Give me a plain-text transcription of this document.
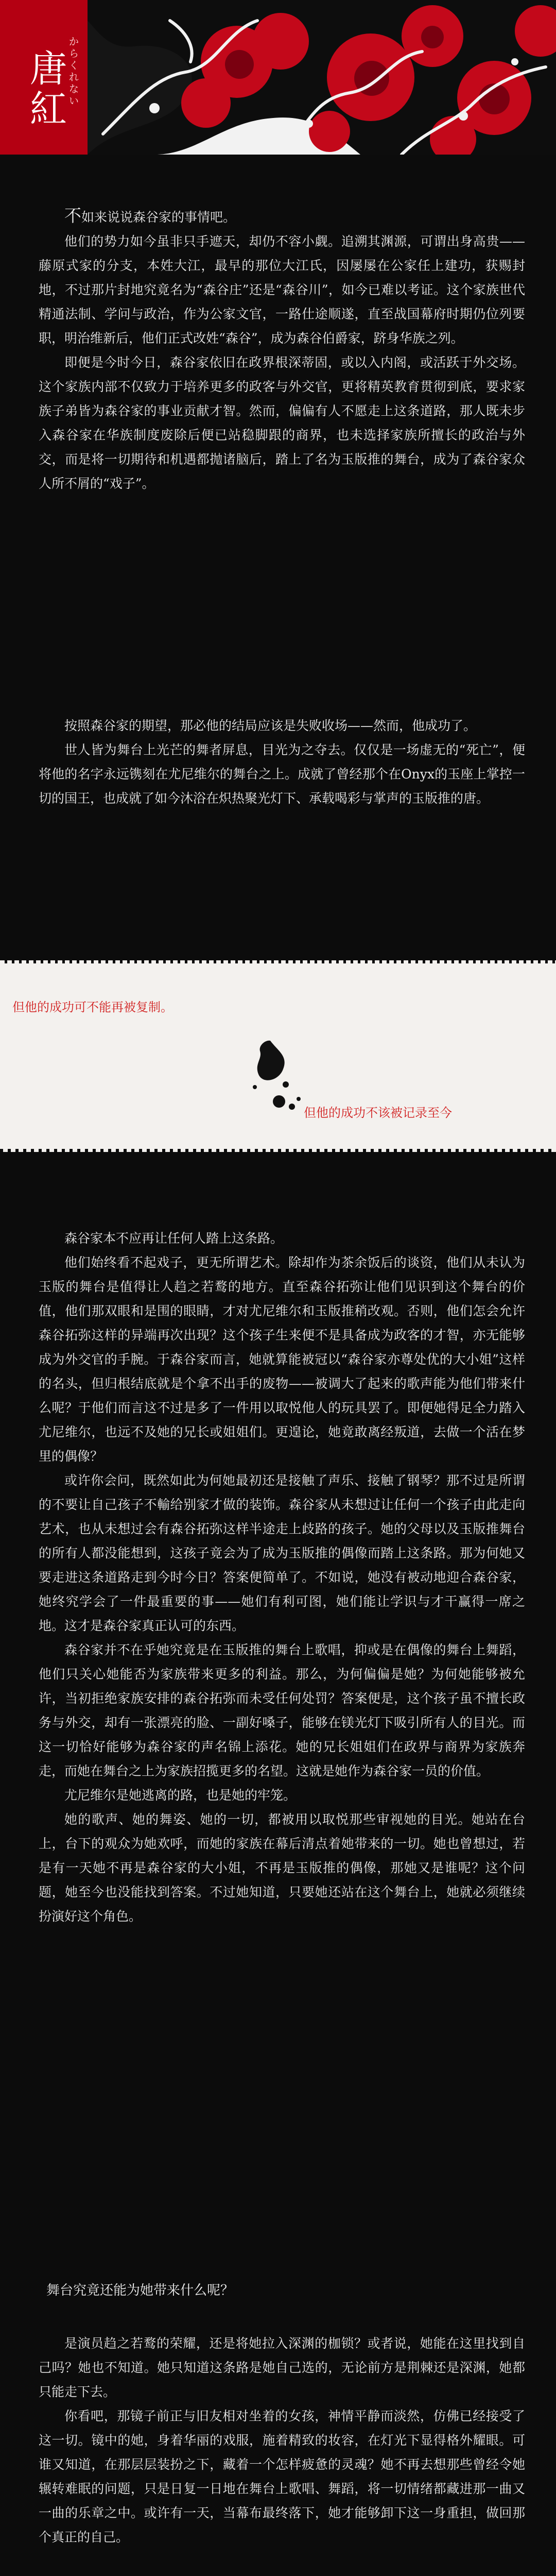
からくれない
唐紅

不如来说说森谷家的事情吧。

他们的势力如今虽非只手遮天，却仍不容小觑。追溯其渊源，可谓出身高贵——藤原式家的分支，本姓大江，最早的那位大江氏，因屡屡在公家任上建功，获赐封地，不过那片封地究竟名为“森谷庄”还是“森谷川”，如今已难以考证。这个家族世代精通法制、学问与政治，作为公家文官，一路仕途顺遂，直至战国幕府时期仍位列要职，明治维新后，他们正式改姓“森谷”，成为森谷伯爵家，跻身华族之列。

即便是今时今日，森谷家依旧在政界根深蒂固，或以入内阁，或活跃于外交场。这个家族内部不仅致力于培养更多的政客与外交官，更将精英教育贯彻到底，要求家族子弟皆为森谷家的事业贡献才智。然而，偏偏有人不愿走上这条道路，那人既未步入森谷家在华族制度废除后便已站稳脚跟的商界，也未选择家族所擅长的政治与外交，而是将一切期待和机遇都抛诸脑后，踏上了名为玉版推的舞台，成为了森谷家众人所不屑的“戏子”。

按照森谷家的期望，那必他的结局应该是失败收场——然而，他成功了。

世人皆为舞台上光芒的舞者屏息，目光为之夺去。仅仅是一场虚无的“死亡”，便将他的名字永远镌刻在尤尼维尔的舞台之上。成就了曾经那个在Onyx的玉座上掌控一切的国王，也成就了如今沐浴在炽热聚光灯下、承载喝彩与掌声的玉版推的唐。

但他的成功可不能再被复制。
但他的成功不该被记录至今

森谷家本不应再让任何人踏上这条路。

他们始终看不起戏子，更无所谓艺术。除却作为茶余饭后的谈资，他们从未认为玉版的舞台是值得让人趋之若鹜的地方。直至森谷拓弥让他们见识到这个舞台的价值，他们那双眼和是围的眼睛，才对尤尼维尔和玉版推稍改观。否则，他们怎会允许森谷拓弥这样的异端再次出现？这个孩子生来便不是具备成为政客的才智，亦无能够成为外交官的手腕。于森谷家而言，她就算能被冠以“森谷家亦尊处优的大小姐”这样的名头，但归根结底就是个拿不出手的废物——被调大了起来的歌声能为他们带来什么呢？于他们而言这不过是多了一件用以取悦他人的玩具罢了。即便她得足全力踏入尤尼维尔，也远不及她的兄长或姐姐们。更遑论，她竟敢离经叛道，去做一个活在梦里的偶像？

或许你会问，既然如此为何她最初还是接触了声乐、接触了钢琴？那不过是所谓的不要让自己孩子不輸给别家才做的装饰。森谷家从未想过让任何一个孩子由此走向艺术，也从未想过会有森谷拓弥这样半途走上歧路的孩子。她的父母以及玉版推舞台的所有人都没能想到，这孩子竟会为了成为玉版推的偶像而踏上这条路。那为何她又要走进这条道路走到今时今日？答案便简单了。不如说，她没有被动地迎合森谷家，她终究学会了一件最重要的事——她们有利可图，她们能让学识与才干赢得一席之地。这才是森谷家真正认可的东西。

森谷家并不在乎她究竟是在玉版推的舞台上歌唱，抑或是在偶像的舞台上舞蹈，他们只关心她能否为家族带来更多的利益。那么，为何偏偏是她？为何她能够被允许，当初拒绝家族安排的森谷拓弥而未受任何处罚？答案便是，这个孩子虽不擅长政务与外交，却有一张漂亮的脸、一副好嗓子，能够在镁光灯下吸引所有人的目光。而这一切恰好能够为森谷家的声名锦上添花。她的兄长姐姐们在政界与商界为家族奔走，而她在舞台之上为家族招揽更多的名望。这就是她作为森谷家一员的价值。

尤尼维尔是她逃离的路，也是她的牢笼。

她的歌声、她的舞姿、她的一切，都被用以取悦那些审视她的目光。她站在台上，台下的观众为她欢呼，而她的家族在幕后清点着她带来的一切。她也曾想过，若是有一天她不再是森谷家的大小姐，不再是玉版推的偶像，那她又是谁呢？这个问题，她至今也没能找到答案。不过她知道，只要她还站在这个舞台上，她就必须继续扮演好这个角色。

舞台究竟还能为她带来什么呢？

是演员趋之若鹜的荣耀，还是将她拉入深渊的枷锁？或者说，她能在这里找到自己吗？她也不知道。她只知道这条路是她自己选的，无论前方是荆棘还是深渊，她都只能走下去。

你看吧，那镜子前正与旧友相对坐着的女孩，神情平静而淡然，仿佛已经接受了这一切。镜中的她，身着华丽的戏服，施着精致的妆容，在灯光下显得格外耀眼。可谁又知道，在那层层装扮之下，藏着一个怎样疲惫的灵魂？她不再去想那些曾经令她辗转难眠的问题，只是日复一日地在舞台上歌唱、舞蹈，将一切情绪都藏进那一曲又一曲的乐章之中。或许有一天，当幕布最终落下，她才能够卸下这一身重担，做回那个真正的自己。
